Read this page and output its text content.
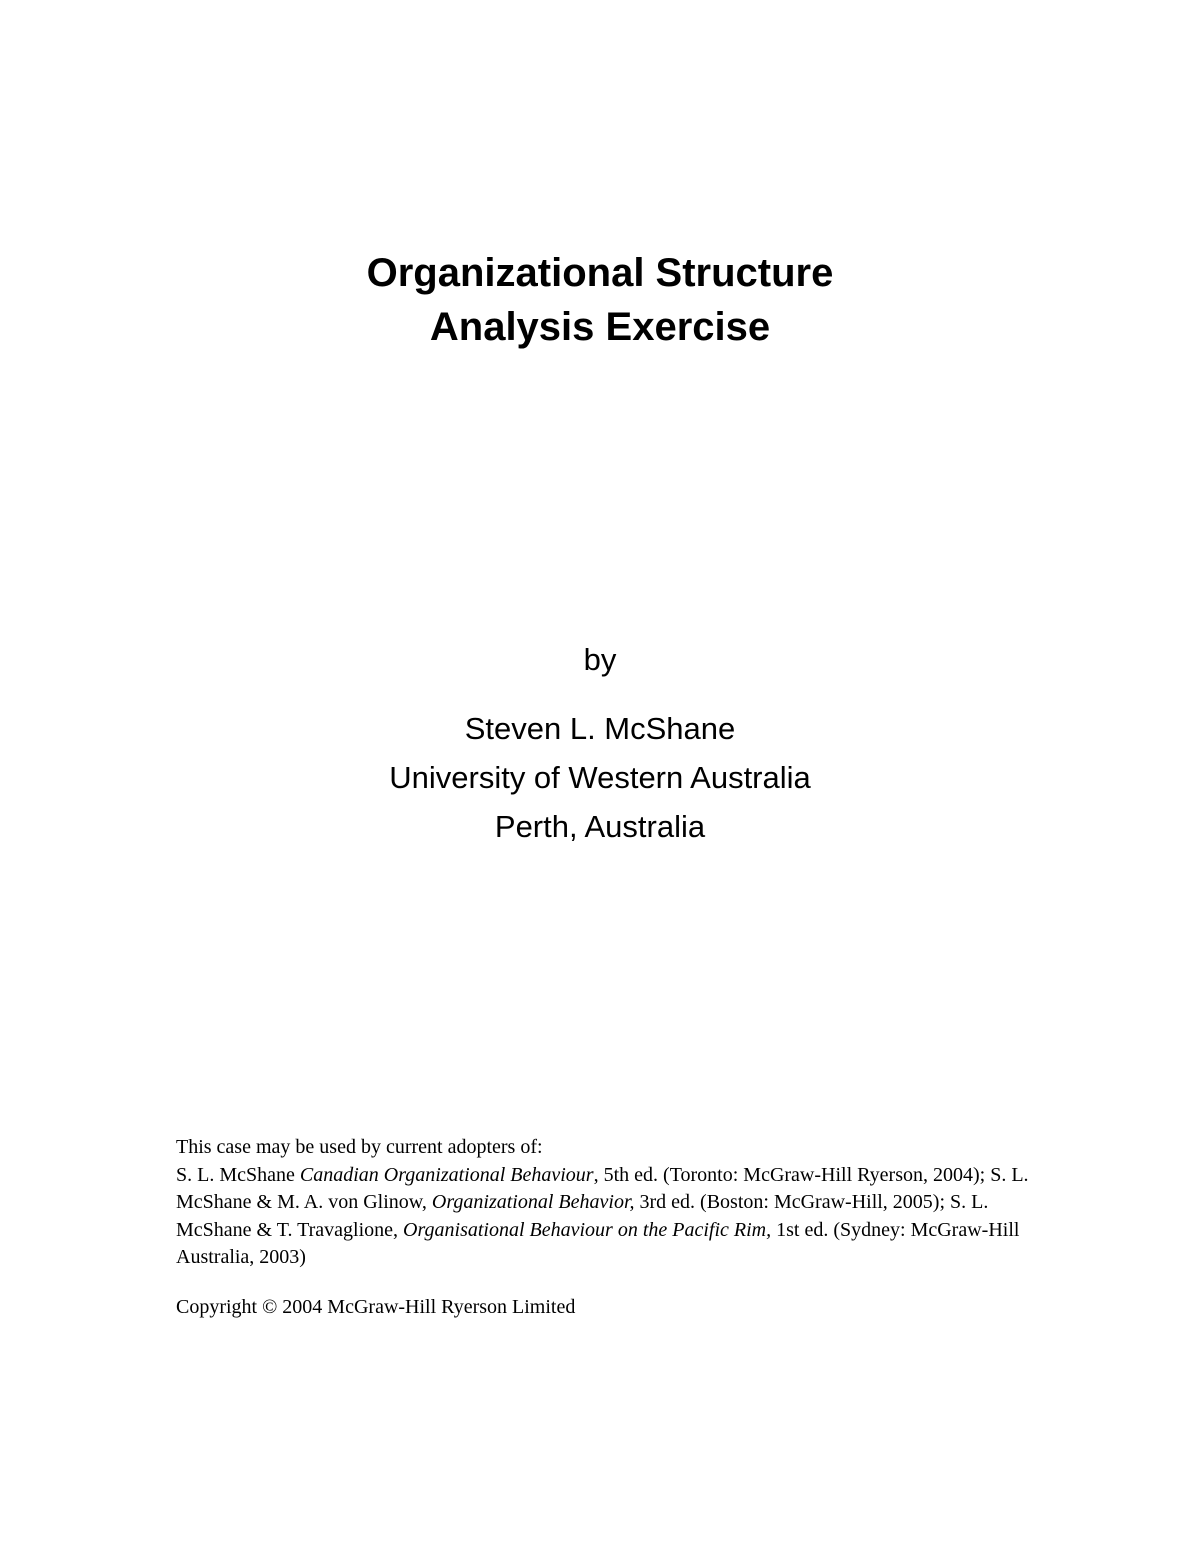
Organizational Structure
Analysis Exercise
by
Steven L. McShane
University of Western Australia
Perth, Australia

This case may be used by current adopters of:

S. L. McShane Canadian Organizational Behaviour, 5th ed. (Toronto: McGraw-Hill Ryerson, 2004); S. L. McShane & M. A. von Glinow, Organizational Behavior, 3rd ed. (Boston: McGraw-Hill, 2005); S. L. McShane & T. Travaglione, Organisational Behaviour on the Pacific Rim, 1st ed. (Sydney: McGraw-Hill Australia, 2003)

Copyright © 2004 McGraw-Hill Ryerson Limited
